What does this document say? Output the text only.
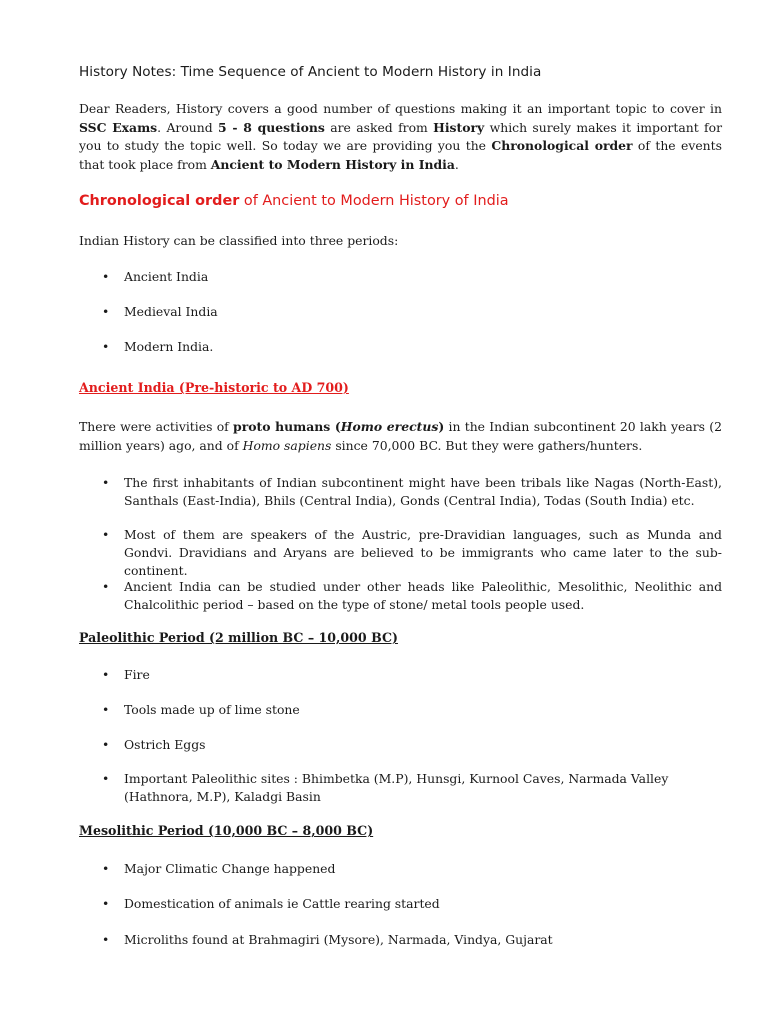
History Notes: Time Sequence of Ancient to Modern History in India

Dear Readers, History covers a good number of questions making it an important topic to cover in SSC Exams. Around 5 - 8 questions are asked from History which surely makes it important for you to study the topic well. So today we are providing you the Chronological order of the events that took place from Ancient to Modern History in India.

Chronological order of Ancient to Modern History of India
Indian History can be classified into three periods:
• Ancient India
• Medieval India
• Modern India.
Ancient India (Pre-historic to AD 700)

There were activities of proto humans (Homo erectus) in the Indian subcontinent 20 lakh years (2 million years) ago, and of Homo sapiens since 70,000 BC. But they were gathers/hunters.

• The first inhabitants of Indian subcontinent might have been tribals like Nagas (North-East), Santhals (East-India), Bhils (Central India), Gonds (Central India), Todas (South India) etc.
• Most of them are speakers of the Austric, pre-Dravidian languages, such as Munda and Gondvi. Dravidians and Aryans are believed to be immigrants who came later to the sub-continent.
• Ancient India can be studied under other heads like Paleolithic, Mesolithic, Neolithic and Chalcolithic period – based on the type of stone/ metal tools people used.
Paleolithic Period (2 million BC – 10,000 BC)
• Fire
• Tools made up of lime stone
• Ostrich Eggs
• Important Paleolithic sites : Bhimbetka (M.P), Hunsgi, Kurnool Caves, Narmada Valley (Hathnora, M.P), Kaladgi Basin
Mesolithic Period (10,000 BC – 8,000 BC)
• Major Climatic Change happened
• Domestication of animals ie Cattle rearing started
• Microliths found at Brahmagiri (Mysore), Narmada, Vindya, Gujarat
